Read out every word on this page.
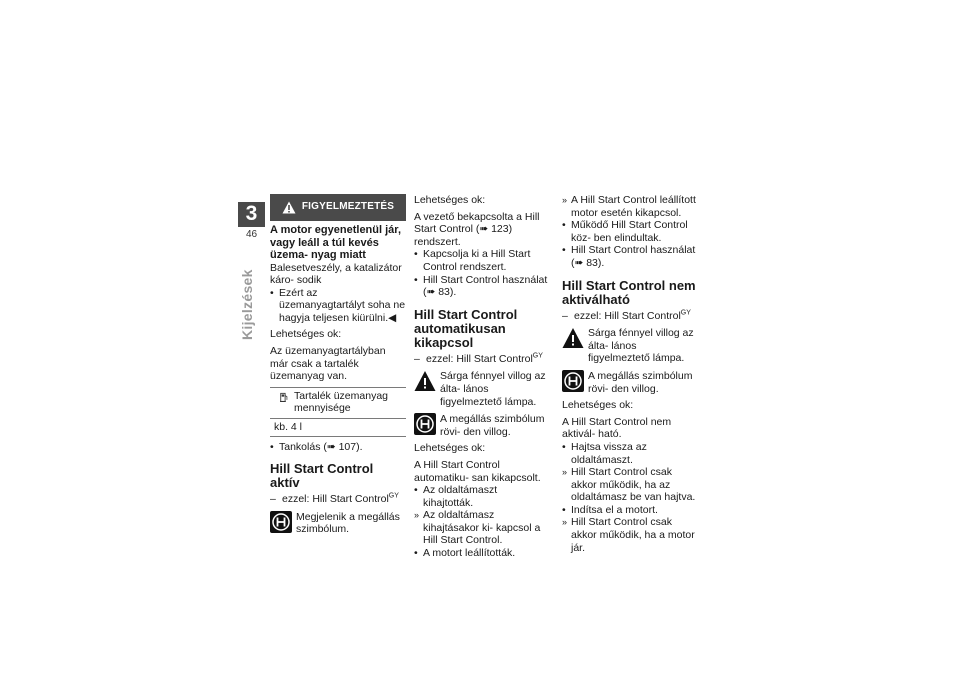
3
46
Kijelzések
FIGYELMEZTETÉS
A motor egyenetlenül jár, vagy leáll a túl kevés üzema- nyag miatt

Balesetveszély, a katalizátor káro- sodik

• Ezért az üzemanyagtartályt soha ne hagyja teljesen kiürülni.◀

Lehetséges ok:

Az üzemanyagtartályban már csak a tartalék üzemanyag van.

Tartalék üzemanyag mennyisége
kb. 4 l
• Tankolás (➠ 107).
Hill Start Control aktív
– ezzel: Hill Start Control$^{GY}$

Megjelenik a megállás szimbólum.

Lehetséges ok:

A vezető bekapcsolta a Hill Start Control (➠ 123) rendszert.

• Kapcsolja ki a Hill Start Control rendszert.
• Hill Start Control használat (➠ 83).
Hill Start Control automatikusan kikapcsol
– ezzel: Hill Start Control$^{GY}$

Sárga fénnyel villog az álta- lános figyelmeztető lámpa.

A megállás szimbólum rövi- den villog.

Lehetséges ok:

A Hill Start Control automatiku- san kikapcsolt.

• Az oldaltámaszt kihajtották.
» Az oldaltámasz kihajtásakor ki- kapcsol a Hill Start Control.
• A motort leállították.
» A Hill Start Control leállított motor esetén kikapcsol.
• Működő Hill Start Control köz- ben elindultak.
• Hill Start Control használat (➠ 83).
Hill Start Control nem aktiválható
– ezzel: Hill Start Control$^{GY}$

Sárga fénnyel villog az álta- lános figyelmeztető lámpa.

A megállás szimbólum rövi- den villog.

Lehetséges ok:

A Hill Start Control nem aktivál- ható.

• Hajtsa vissza az oldaltámaszt.
» Hill Start Control csak akkor működik, ha az oldaltámasz be van hajtva.
• Indítsa el a motort.
» Hill Start Control csak akkor működik, ha a motor jár.
